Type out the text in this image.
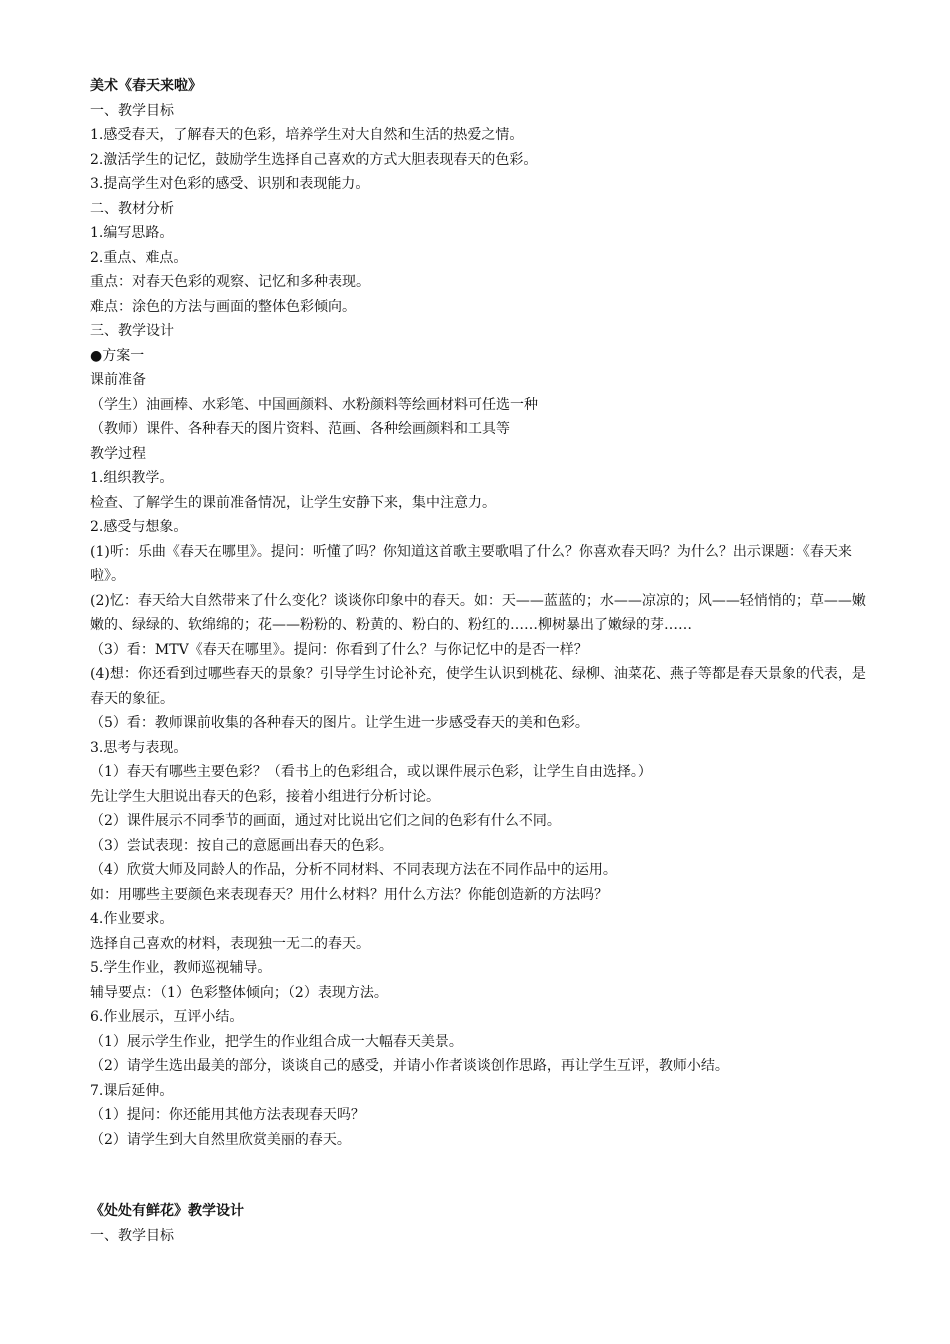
美术《春天来啦》
一、教学目标
1.感受春天，了解春天的色彩，培养学生对大自然和生活的热爱之情。
2.激活学生的记忆，鼓励学生选择自己喜欢的方式大胆表现春天的色彩。
3.提高学生对色彩的感受、识别和表现能力。
二、教材分析
1.编写思路。
2.重点、难点。
重点：对春天色彩的观察、记忆和多种表现。
难点：涂色的方法与画面的整体色彩倾向。
三、教学设计
●方案一
课前准备
（学生）油画棒、水彩笔、中国画颜料、水粉颜料等绘画材料可任选一种
（教师）课件、各种春天的图片资料、范画、各种绘画颜料和工具等
教学过程
1.组织教学。
检查、了解学生的课前准备情况，让学生安静下来，集中注意力。
2.感受与想象。
(1)听：乐曲《春天在哪里》。提问：听懂了吗？你知道这首歌主要歌唱了什么？你喜欢春天吗？为什么？出示课题：《春天来啦》。
(2)忆：春天给大自然带来了什么变化？谈谈你印象中的春天。如：天——蓝蓝的；水——凉凉的；风——轻悄悄的；草——嫩嫩的、绿绿的、软绵绵的；花——粉粉的、粉黄的、粉白的、粉红的……柳树暴出了嫩绿的芽……
（3）看：MTV《春天在哪里》。提问：你看到了什么？与你记忆中的是否一样？
(4)想：你还看到过哪些春天的景象？引导学生讨论补充，使学生认识到桃花、绿柳、油菜花、燕子等都是春天景象的代表，是春天的象征。
（5）看：教师课前收集的各种春天的图片。让学生进一步感受春天的美和色彩。
3.思考与表现。
（1）春天有哪些主要色彩？（看书上的色彩组合，或以课件展示色彩，让学生自由选择。）
先让学生大胆说出春天的色彩，接着小组进行分析讨论。
（2）课件展示不同季节的画面，通过对比说出它们之间的色彩有什么不同。
（3）尝试表现：按自己的意愿画出春天的色彩。
（4）欣赏大师及同龄人的作品，分析不同材料、不同表现方法在不同作品中的运用。
如：用哪些主要颜色来表现春天？用什么材料？用什么方法？你能创造新的方法吗？
4.作业要求。
选择自己喜欢的材料，表现独一无二的春天。
5.学生作业，教师巡视辅导。
辅导要点：（1）色彩整体倾向；（2）表现方法。
6.作业展示，互评小结。
（1）展示学生作业，把学生的作业组合成一大幅春天美景。
（2）请学生选出最美的部分，谈谈自己的感受，并请小作者谈谈创作思路，再让学生互评，教师小结。
7.课后延伸。
（1）提问：你还能用其他方法表现春天吗？
（2）请学生到大自然里欣赏美丽的春天。
《处处有鲜花》教学设计
一、教学目标
